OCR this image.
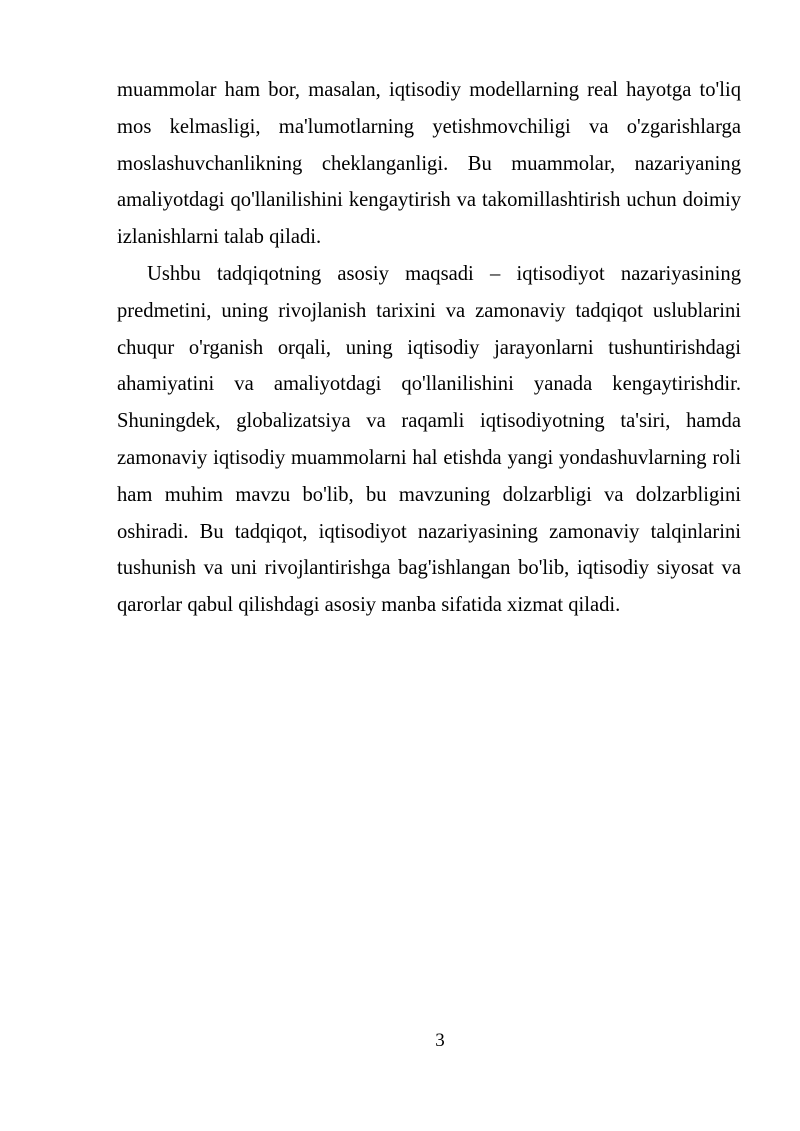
muammolar ham bor, masalan, iqtisodiy modellarning real hayotga to'liq mos kelmasligi, ma'lumotlarning yetishmovchiligi va o'zgarishlarga moslashuvchanlikning cheklanganligi. Bu muammolar, nazariyaning amaliyotdagi qo'llanilishini kengaytirish va takomillashtirish uchun doimiy izlanishlarni talab qiladi.

Ushbu tadqiqotning asosiy maqsadi – iqtisodiyot nazariyasining predmetini, uning rivojlanish tarixini va zamonaviy tadqiqot uslublarini chuqur o'rganish orqali, uning iqtisodiy jarayonlarni tushuntirishdagi ahamiyatini va amaliyotdagi qo'llanilishini yanada kengaytirishdir. Shuningdek, globalizatsiya va raqamli iqtisodiyotning ta'siri, hamda zamonaviy iqtisodiy muammolarni hal etishda yangi yondashuvlarning roli ham muhim mavzu bo'lib, bu mavzuning dolzarbligi va dolzarbligini oshiradi. Bu tadqiqot, iqtisodiyot nazariyasining zamonaviy talqinlarini tushunish va uni rivojlantirishga bag'ishlangan bo'lib, iqtisodiy siyosat va qarorlar qabul qilishdagi asosiy manba sifatida xizmat qiladi.

3
